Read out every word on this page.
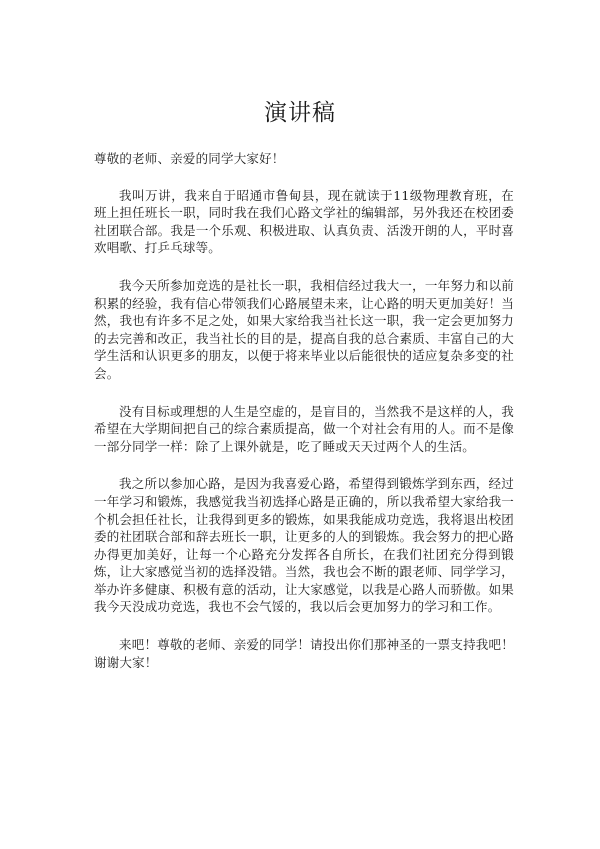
演讲稿

尊敬的老师、亲爱的同学大家好！

我叫万讲，我来自于昭通市鲁甸县，现在就读于11级物理教育班，在班上担任班长一职，同时我在我们心路文学社的编辑部，另外我还在校团委社团联合部。我是一个乐观、积极进取、认真负责、活泼开朗的人，平时喜欢唱歌、打乒乓球等。

我今天所参加竞选的是社长一职，我相信经过我大一，一年努力和以前积累的经验，我有信心带领我们心路展望未来，让心路的明天更加美好！当然，我也有许多不足之处，如果大家给我当社长这一职，我一定会更加努力的去完善和改正，我当社长的目的是，提高自我的总合素质、丰富自己的大学生活和认识更多的朋友，以便于将来毕业以后能很快的适应复杂多变的社会。

没有目标或理想的人生是空虚的，是盲目的，当然我不是这样的人，我希望在大学期间把自己的综合素质提高，做一个对社会有用的人。而不是像一部分同学一样：除了上课外就是，吃了睡或天天过两个人的生活。

我之所以参加心路，是因为我喜爱心路，希望得到锻炼学到东西，经过一年学习和锻炼，我感觉我当初选择心路是正确的，所以我希望大家给我一个机会担任社长，让我得到更多的锻炼，如果我能成功竞选，我将退出校团委的社团联合部和辞去班长一职，让更多的人的到锻炼。我会努力的把心路办得更加美好，让每一个心路充分发挥各自所长，在我们社团充分得到锻炼，让大家感觉当初的选择没错。当然，我也会不断的跟老师、同学学习，举办许多健康、积极有意的活动，让大家感觉，以我是心路人而骄傲。如果我今天没成功竞选，我也不会气馁的，我以后会更加努力的学习和工作。

来吧！尊敬的老师、亲爱的同学！请投出你们那神圣的一票支持我吧！谢谢大家！
